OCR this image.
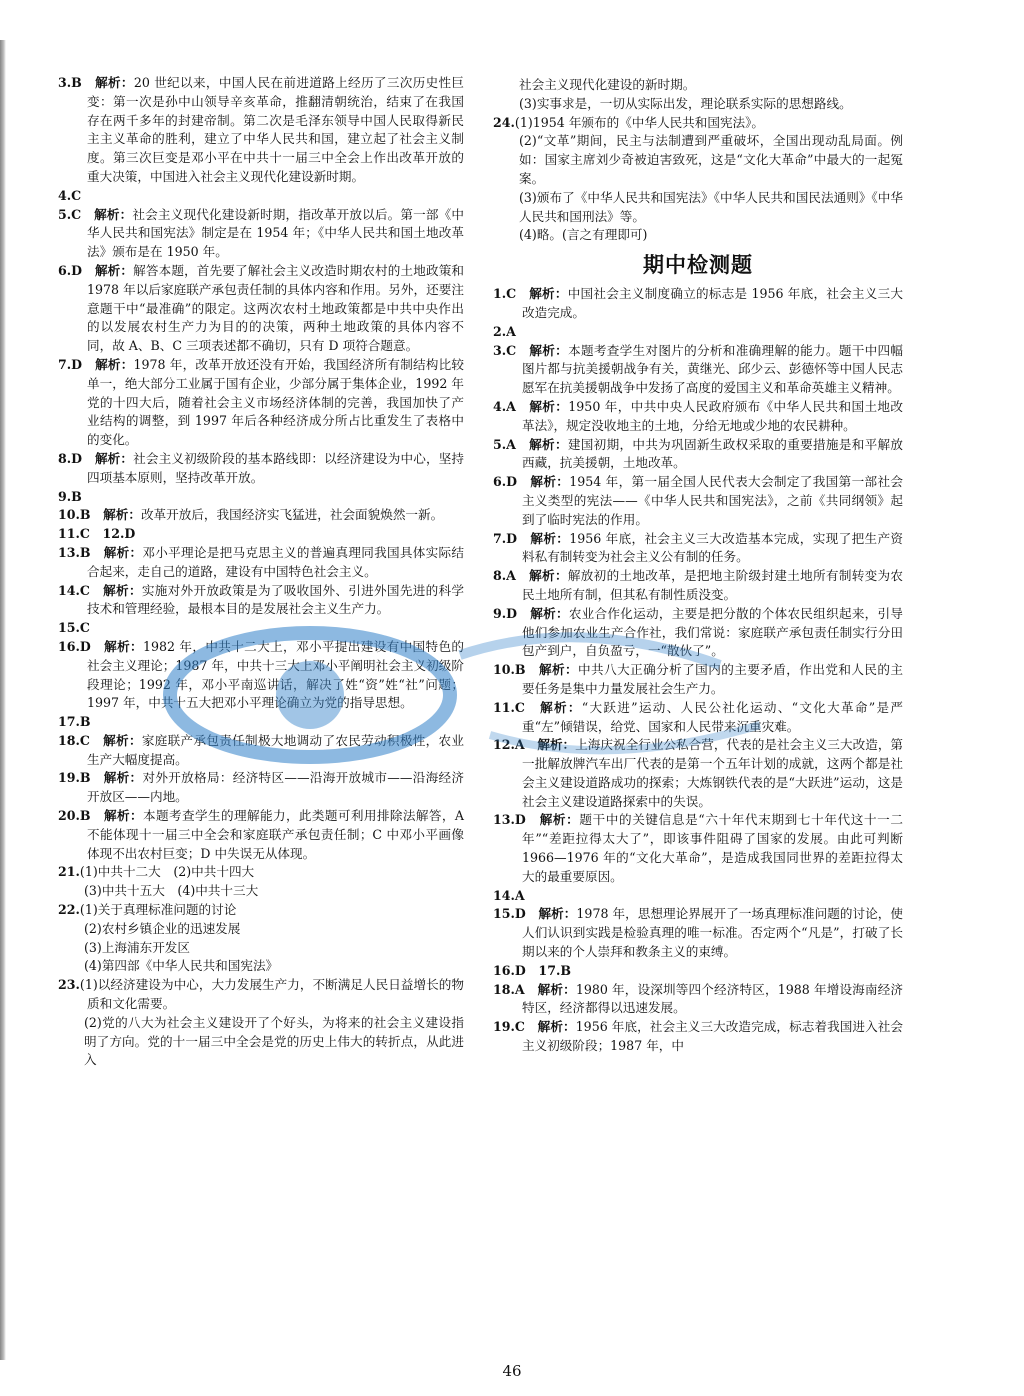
3.B　 解析：20 世纪以来，中国人民在前进道路上经历了三次历史性巨变：第一次是孙中山领导辛亥革命，推翻清朝统治，结束了在我国存在两千多年的封建帝制。第二次是毛泽东领导中国人民取得新民主主义革命的胜利，建立了中华人民共和国，建立起了社会主义制度。第三次巨变是邓小平在中共十一届三中全会上作出改革开放的重大决策，中国进入社会主义现代化建设新时期。

4.C

5.C　 解析：社会主义现代化建设新时期，指改革开放以后。第一部《中华人民共和国宪法》制定是在 1954 年；《中华人民共和国土地改革法》颁布是在 1950 年。

6.D　 解析：解答本题，首先要了解社会主义改造时期农村的土地政策和 1978 年以后家庭联产承包责任制的具体内容和作用。另外，还要注意题干中“最准确”的限定。这两次农村土地政策都是中共中央作出的以发展农村生产力为目的的决策，两种土地政策的具体内容不同，故 A、B、C 三项表述都不确切，只有 D 项符合题意。

7.D　 解析：1978 年，改革开放还没有开始，我国经济所有制结构比较单一，绝大部分工业属于国有企业，少部分属于集体企业，1992 年党的十四大后，随着社会主义市场经济体制的完善，我国加快了产业结构的调整，到 1997 年后各种经济成分所占比重发生了表格中的变化。

8.D　 解析：社会主义初级阶段的基本路线即：以经济建设为中心，坚持四项基本原则，坚持改革开放。

9.B

10.B　 解析：改革开放后，我国经济实飞猛进，社会面貌焕然一新。

11.C　12.D

13.B　 解析：邓小平理论是把马克思主义的普遍真理同我国具体实际结合起来，走自己的道路，建设有中国特色社会主义。

14.C　 解析：实施对外开放政策是为了吸收国外、引进外国先进的科学技术和管理经验，最根本目的是发展社会主义生产力。

15.C

16.D　 解析：1982 年，中共十二大上，邓小平提出建设有中国特色的社会主义理论；1987 年，中共十三大上邓小平阐明社会主义初级阶段理论；1992 年，邓小平南巡讲话，解决了姓“资”姓“社”问题；1997 年，中共十五大把邓小平理论确立为党的指导思想。

17.B

18.C　 解析：家庭联产承包责任制极大地调动了农民劳动积极性，农业生产大幅度提高。

19.B　 解析：对外开放格局：经济特区——沿海开放城市——沿海经济开放区——内地。

20.B　 解析：本题考查学生的理解能力，此类题可利用排除法解答，A 不能体现十一届三中全会和家庭联产承包责任制；C 中邓小平画像体现不出农村巨变；D 中失误无从体现。

21.(1)中共十二大　(2)中共十四大

(3)中共十五大　(4)中共十三大

22.(1)关于真理标准问题的讨论

(2)农村乡镇企业的迅速发展

(3)上海浦东开发区

(4)第四部《中华人民共和国宪法》

23.(1)以经济建设为中心，大力发展生产力，不断满足人民日益增长的物质和文化需要。

(2)党的八大为社会主义建设开了个好头，为将来的社会主义建设指明了方向。党的十一届三中全会是党的历史上伟大的转折点，从此进入

社会主义现代化建设的新时期。

(3)实事求是，一切从实际出发，理论联系实际的思想路线。

24.(1)1954 年颁布的《中华人民共和国宪法》。

(2)“文革”期间，民主与法制遭到严重破坏，全国出现动乱局面。例如：国家主席刘少奇被迫害致死，这是“文化大革命”中最大的一起冤案。

(3)颁布了《中华人民共和国宪法》《中华人民共和国民法通则》《中华人民共和国刑法》等。

(4)略。(言之有理即可)

期中检测题

1.C　 解析：中国社会主义制度确立的标志是 1956 年底，社会主义三大改造完成。

2.A

3.C　 解析：本题考查学生对图片的分析和准确理解的能力。题干中四幅图片都与抗美援朝战争有关，黄继光、邱少云、彭德怀等中国人民志愿军在抗美援朝战争中发扬了高度的爱国主义和革命英雄主义精神。

4.A　 解析：1950 年，中共中央人民政府颁布《中华人民共和国土地改革法》，规定没收地主的土地，分给无地或少地的农民耕种。

5.A　 解析：建国初期，中共为巩固新生政权采取的重要措施是和平解放西藏，抗美援朝，土地改革。

6.D　 解析：1954 年，第一届全国人民代表大会制定了我国第一部社会主义类型的宪法——《中华人民共和国宪法》，之前《共同纲领》起到了临时宪法的作用。

7.D　 解析：1956 年底，社会主义三大改造基本完成，实现了把生产资料私有制转变为社会主义公有制的任务。

8.A　 解析：解放初的土地改革，是把地主阶级封建土地所有制转变为农民土地所有制，但其私有制性质没变。

9.D　 解析：农业合作化运动，主要是把分散的个体农民组织起来，引导他们参加农业生产合作社，我们常说：家庭联产承包责任制实行分田包产到户，自负盈亏，一“散伙了”。

10.B　 解析：中共八大正确分析了国内的主要矛盾，作出党和人民的主要任务是集中力量发展社会生产力。

11.C　 解析：“大跃进”运动、人民公社化运动、“文化大革命”是严重“左”倾错误，给党、国家和人民带来沉重灾难。

12.A　 解析：上海庆祝全行业公私合营，代表的是社会主义三大改造，第一批解放牌汽车出厂代表的是第一个五年计划的成就，这两个都是社会主义建设道路成功的探索；大炼钢铁代表的是“大跃进”运动，这是社会主义建设道路探索中的失误。

13.D　 解析：题干中的关键信息是“六十年代末期到七十年代这十一二年”“差距拉得太大了”，即该事件阻碍了国家的发展。由此可判断 1966—1976 年的“文化大革命”，是造成我国同世界的差距拉得太大的最重要原因。

14.A

15.D　 解析：1978 年，思想理论界展开了一场真理标准问题的讨论，使人们认识到实践是检验真理的唯一标准。否定两个“凡是”，打破了长期以来的个人崇拜和教条主义的束缚。

16.D　17.B

18.A　 解析：1980 年，设深圳等四个经济特区，1988 年增设海南经济特区，经济都得以迅速发展。

19.C　 解析：1956 年底，社会主义三大改造完成，标志着我国进入社会主义初级阶段；1987 年，中

46
